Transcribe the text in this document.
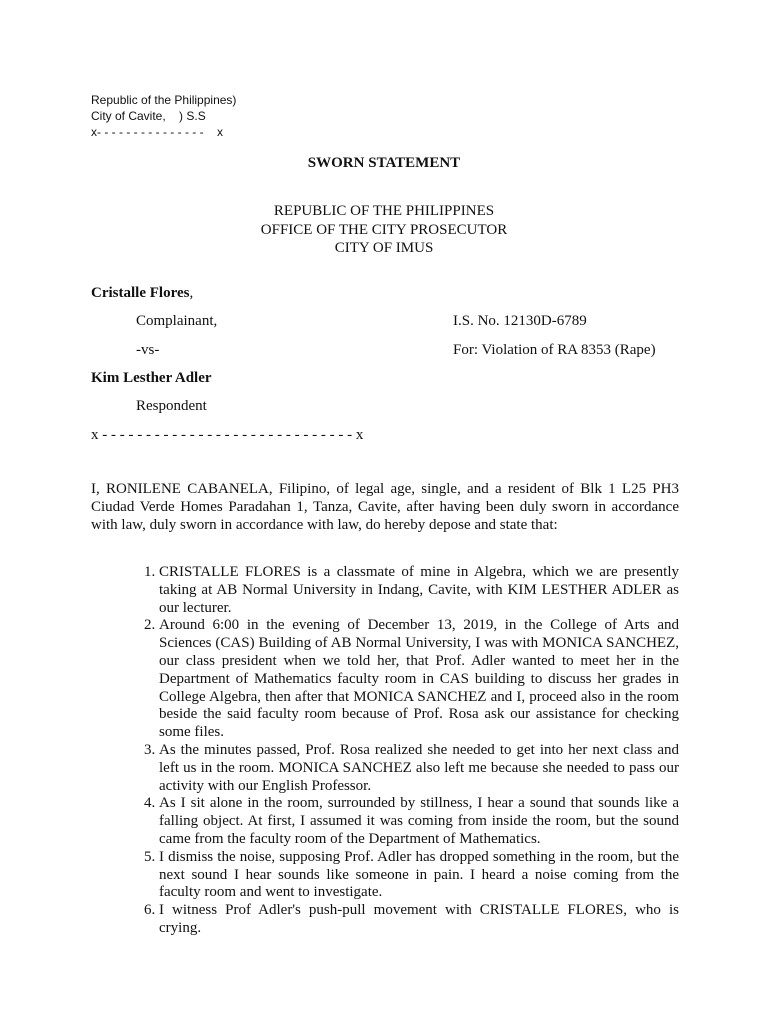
Republic of the Philippines)
City of Cavite,    ) S.S
x- - - - - - - - - - - - - - -    x
SWORN STATEMENT
REPUBLIC OF THE PHILIPPINES
OFFICE OF THE CITY PROSECUTOR
CITY OF IMUS
Cristalle Flores,
Complainant,	I.S. No. 12130D-6789
-vs-	For: Violation of RA 8353 (Rape)
Kim Lesther Adler
Respondent
x - - - - - - - - - - - - - - - - - - - - - - - - - - - - - x
I, RONILENE CABANELA, Filipino, of legal age, single, and a resident of Blk 1 L25 PH3 Ciudad Verde Homes Paradahan 1, Tanza, Cavite, after having been duly sworn in accordance with law, duly sworn in accordance with law, do hereby depose and state that:
1. CRISTALLE FLORES is a classmate of mine in Algebra, which we are presently taking at AB Normal University in Indang, Cavite, with KIM LESTHER ADLER as our lecturer.
2. Around 6:00 in the evening of December 13, 2019, in the College of Arts and Sciences (CAS) Building of AB Normal University, I was with MONICA SANCHEZ, our class president when we told her, that Prof. Adler wanted to meet her in the Department of Mathematics faculty room in CAS building to discuss her grades in College Algebra, then after that MONICA SANCHEZ and I, proceed also in the room beside the said faculty room because of Prof. Rosa ask our assistance for checking some files.
3. As the minutes passed, Prof. Rosa realized she needed to get into her next class and left us in the room. MONICA SANCHEZ also left me because she needed to pass our activity with our English Professor.
4. As I sit alone in the room, surrounded by stillness, I hear a sound that sounds like a falling object. At first, I assumed it was coming from inside the room, but the sound came from the faculty room of the Department of Mathematics.
5. I dismiss the noise, supposing Prof. Adler has dropped something in the room, but the next sound I hear sounds like someone in pain. I heard a noise coming from the faculty room and went to investigate.
6. I witness Prof Adler's push-pull movement with CRISTALLE FLORES, who is crying.
